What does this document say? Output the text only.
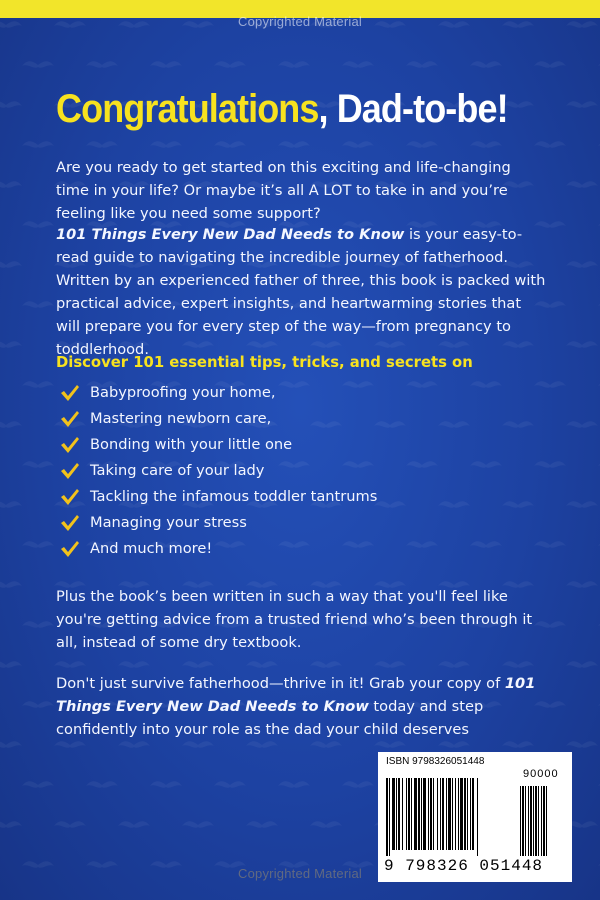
Copyrighted Material
Congratulations, Dad-to-be!

Are you ready to get started on this exciting and life-changing time in your life? Or maybe it’s all A LOT to take in and you’re feeling like you need some support?

101 Things Every New Dad Needs to Know is your easy-to-read guide to navigating the incredible journey of fatherhood. Written by an experienced father of three, this book is packed with practical advice, expert insights, and heartwarming stories that will prepare you for every step of the way—from pregnancy to toddlerhood.

Discover 101 essential tips, tricks, and secrets on
Babyproofing your home,
Mastering newborn care,
Bonding with your little one
Taking care of your lady
Tackling the infamous toddler tantrums
Managing your stress
And much more!

Plus the book’s been written in such a way that you'll feel like you're getting advice from a trusted friend who’s been through it all, instead of some dry textbook.

Don't just survive fatherhood—thrive in it! Grab your copy of 101 Things Every New Dad Needs to Know today and step confidently into your role as the dad your child deserves

ISBN 9798326051448
90000
9 798326 051448
Copyrighted Material
